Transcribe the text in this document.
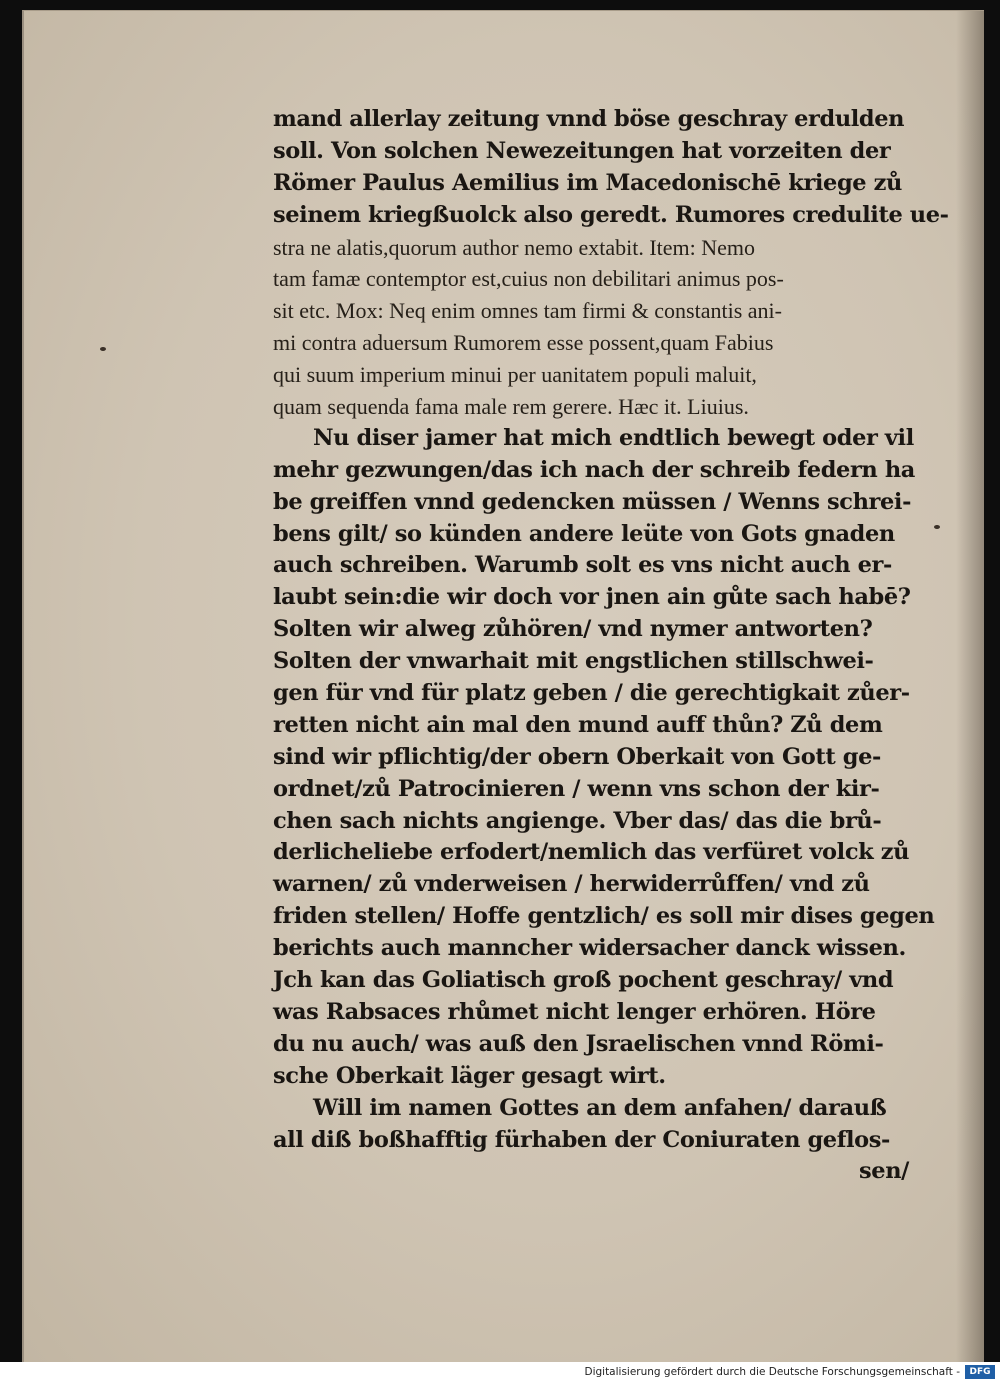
mand allerlay zeitung vnnd böse geschray erdulden
soll. Von solchen Newezeitungen hat vorzeiten der
Römer Paulus Aemilius im Macedonischē kriege zů
seinem kriegßuolck also geredt. Rumores credulite ue-
stra ne alatis,quorum author nemo extabit. Item: Nemo
tam famæ contemptor est,cuius non debilitari animus pos-
sit etc. Mox: Neq enim omnes tam firmi & constantis ani-
mi contra aduersum Rumorem esse possent,quam Fabius
qui suum imperium minui per uanitatem populi maluit,
quam sequenda fama male rem gerere. Hæc it. Liuius.
Nu diser jamer hat mich endtlich bewegt oder vil
mehr gezwungen/das ich nach der schreib federn ha
be greiffen vnnd gedencken müssen / Wenns schrei-
bens gilt/ so künden andere leüte von Gots gnaden
auch schreiben. Warumb solt es vns nicht auch er-
laubt sein:die wir doch vor jnen ain gůte sach habē?
Solten wir alweg zůhören/ vnd nymer antworten?
Solten der vnwarhait mit engstlichen stillschwei-
gen für vnd für platz geben / die gerechtigkait zůer-
retten nicht ain mal den mund auff thůn? Zů dem
sind wir pflichtig/der obern Oberkait von Gott ge-
ordnet/zů Patrocinieren / wenn vns schon der kir-
chen sach nichts angienge. Vber das/ das die brů-
derlicheliebe erfodert/nemlich das verfüret volck zů
warnen/ zů vnderweisen / herwiderrůffen/ vnd zů
friden stellen/ Hoffe gentzlich/ es soll mir dises gegen
berichts auch manncher widersacher danck wissen.
Jch kan das Goliatisch groß pochent geschray/ vnd
was Rabsaces rhůmet nicht lenger erhören. Höre
du nu auch/ was auß den Jsraelischen vnnd Römi-
sche Oberkait läger gesagt wirt.
Will im namen Gottes an dem anfahen/ darauß
all diß boßhafftig fürhaben der Coniuraten geflos-
sen/
Digitalisierung gefördert durch die Deutsche Forschungsgemeinschaft -	DFG
